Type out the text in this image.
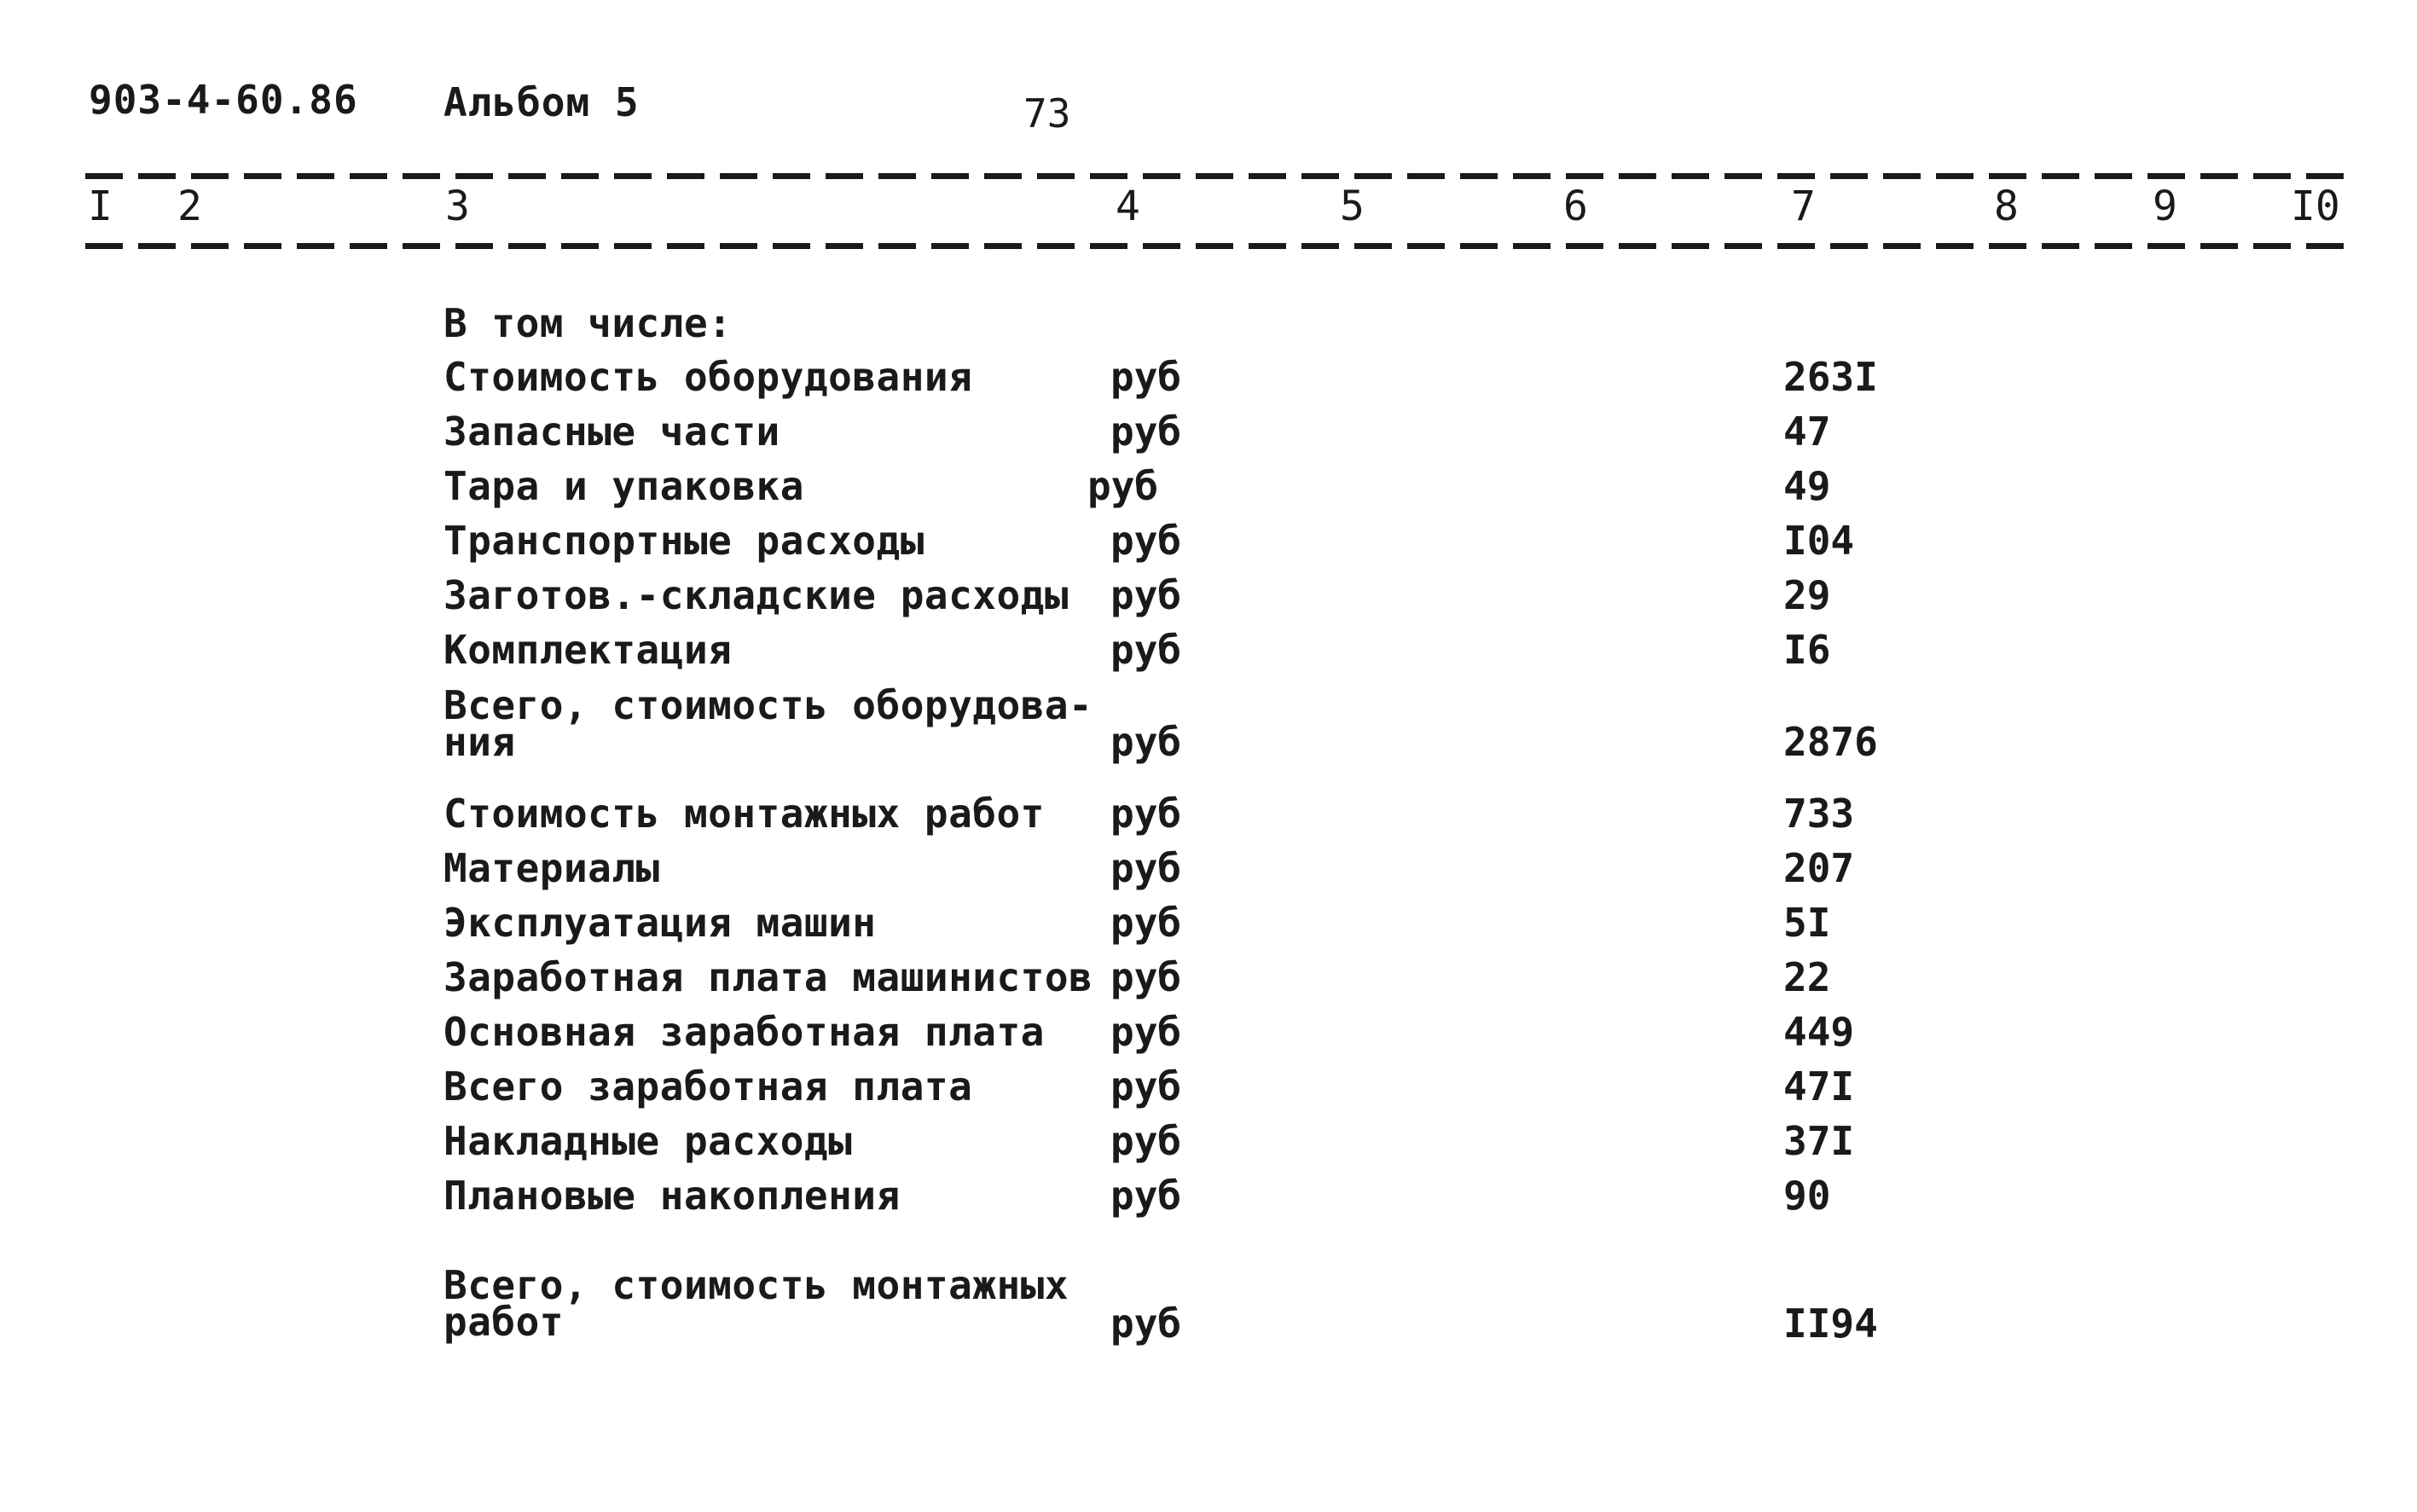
903-4-60.86 Альбом 5	73
I 2	3	4	5	6	7	8	9	I0
В том числе:
Стоимость оборудования	руб	263I
Запасные части	руб	47
Тара и упаковка	руб	49
Транспортные расходы	руб	I04
Заготов.-складские расходы руб	29
Комплектация	руб	I6
Всего, стоимость оборудова-
ния	руб	2876
Стоимость монтажных работ руб	733
Материалы	руб	207
Эксплуатация машин	руб	5I
Заработная плата машинистов руб	22
Основная заработная плата руб	449
Всего заработная плата	руб	47I
Накладные расходы	руб	37I
Плановые накопления	руб	90
Всего, стоимость монтажных
работ	руб	II94
